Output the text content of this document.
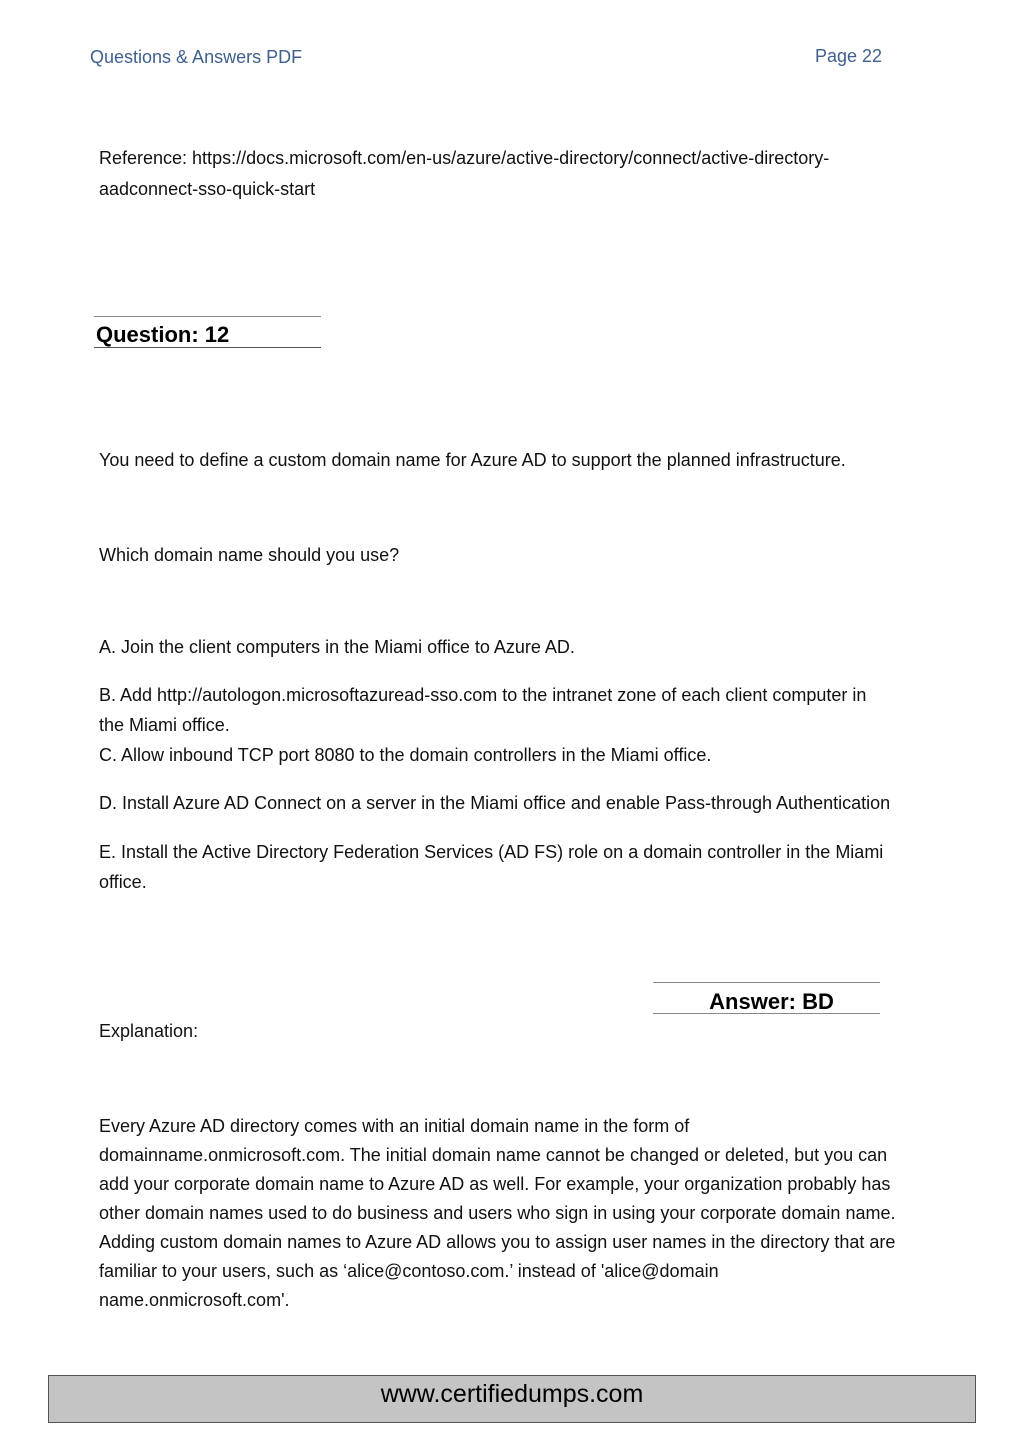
Questions & Answers PDF	Page 22
Reference: https://docs.microsoft.com/en-us/azure/active-directory/connect/active-directory-
aadconnect-sso-quick-start
Question: 12
You need to define a custom domain name for Azure AD to support the planned infrastructure.
Which domain name should you use?
A. Join the client computers in the Miami office to Azure AD.
B. Add http://autologon.microsoftazuread-sso.com to the intranet zone of each client computer in
the Miami office.
C. Allow inbound TCP port 8080 to the domain controllers in the Miami office.
D. Install Azure AD Connect on a server in the Miami office and enable Pass-through Authentication
E. Install the Active Directory Federation Services (AD FS) role on a domain controller in the Miami
office.
Answer: BD
Explanation:
Every Azure AD directory comes with an initial domain name in the form of
domainname.onmicrosoft.com. The initial domain name cannot be changed or deleted, but you can
add your corporate domain name to Azure AD as well. For example, your organization probably has
other domain names used to do business and users who sign in using your corporate domain name.
Adding custom domain names to Azure AD allows you to assign user names in the directory that are
familiar to your users, such as ‘alice@contoso.com.’ instead of 'alice@domain
name.onmicrosoft.com'.
www.certifiedumps.com
